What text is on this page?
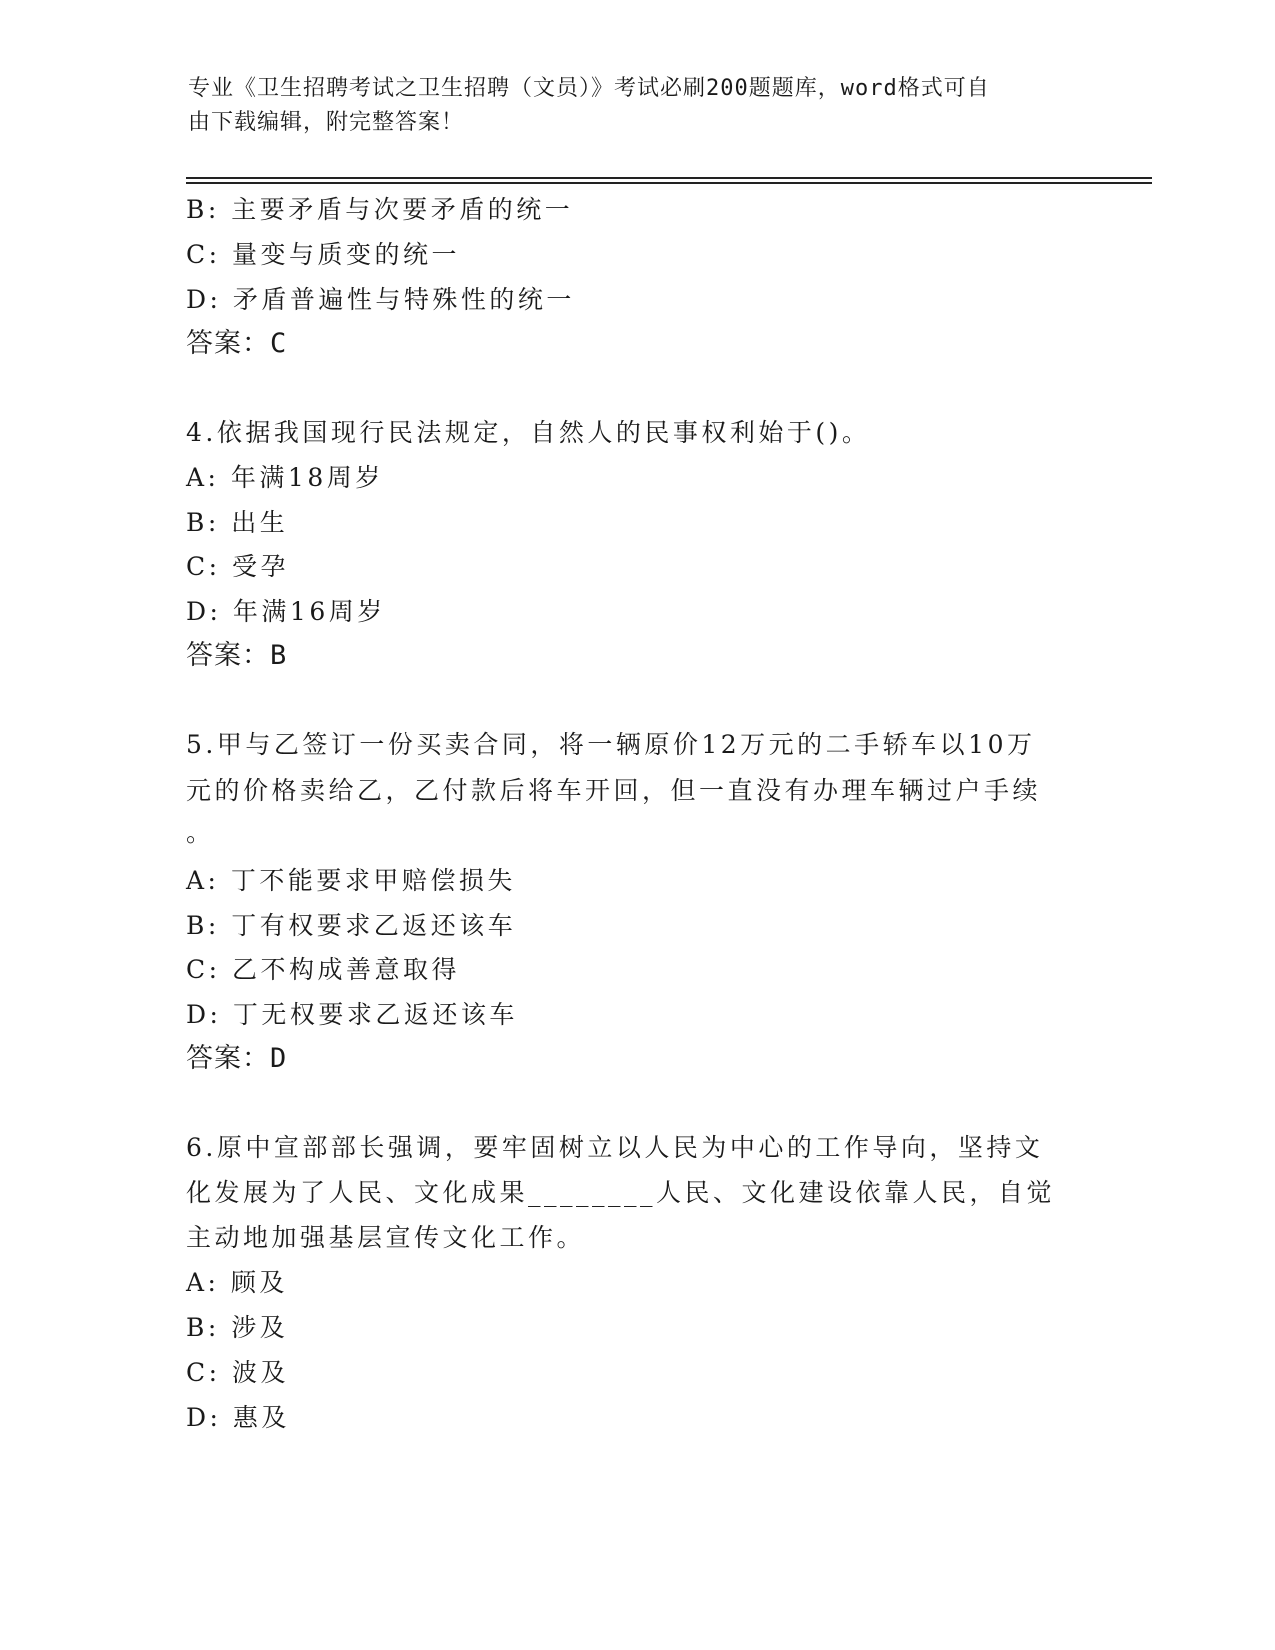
专业《卫生招聘考试之卫生招聘（文员）》考试必刷200题题库，word格式可自
由下载编辑，附完整答案！
B: 主要矛盾与次要矛盾的统一
C: 量变与质变的统一
D: 矛盾普遍性与特殊性的统一
答案：C
4.依据我国现行民法规定，自然人的民事权利始于()。
A: 年满18周岁
B: 出生
C: 受孕
D: 年满16周岁
答案：B
5.甲与乙签订一份买卖合同，将一辆原价12万元的二手轿车以10万
元的价格卖给乙，乙付款后将车开回，但一直没有办理车辆过户手续
。
A: 丁不能要求甲赔偿损失
B: 丁有权要求乙返还该车
C: 乙不构成善意取得
D: 丁无权要求乙返还该车
答案：D
6.原中宣部部长强调，要牢固树立以人民为中心的工作导向，坚持文
化发展为了人民、文化成果________人民、文化建设依靠人民，自觉
主动地加强基层宣传文化工作。
A: 顾及
B: 涉及
C: 波及
D: 惠及
